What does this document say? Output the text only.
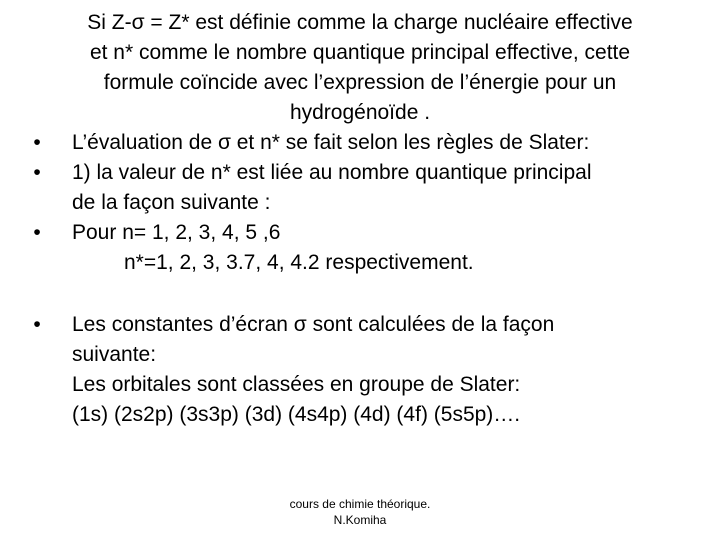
Si Z-σ = Z* est définie comme la charge nucléaire effective
et n* comme le nombre quantique principal effective, cette
formule coïncide avec l’expression de l’énergie pour un
hydrogénoïde .
• L’évaluation de σ et n* se fait selon les règles de Slater:
• 1) la valeur de n* est liée au nombre quantique principal
de la façon suivante :
• Pour n= 1, 2, 3, 4, 5 ,6
n*=1, 2, 3, 3.7, 4, 4.2 respectivement.
• Les constantes d’écran σ sont calculées de la façon
suivante:
Les orbitales sont classées en groupe de Slater:
(1s) (2s2p) (3s3p) (3d) (4s4p) (4d) (4f) (5s5p)….
cours de chimie théorique.
N.Komiha
